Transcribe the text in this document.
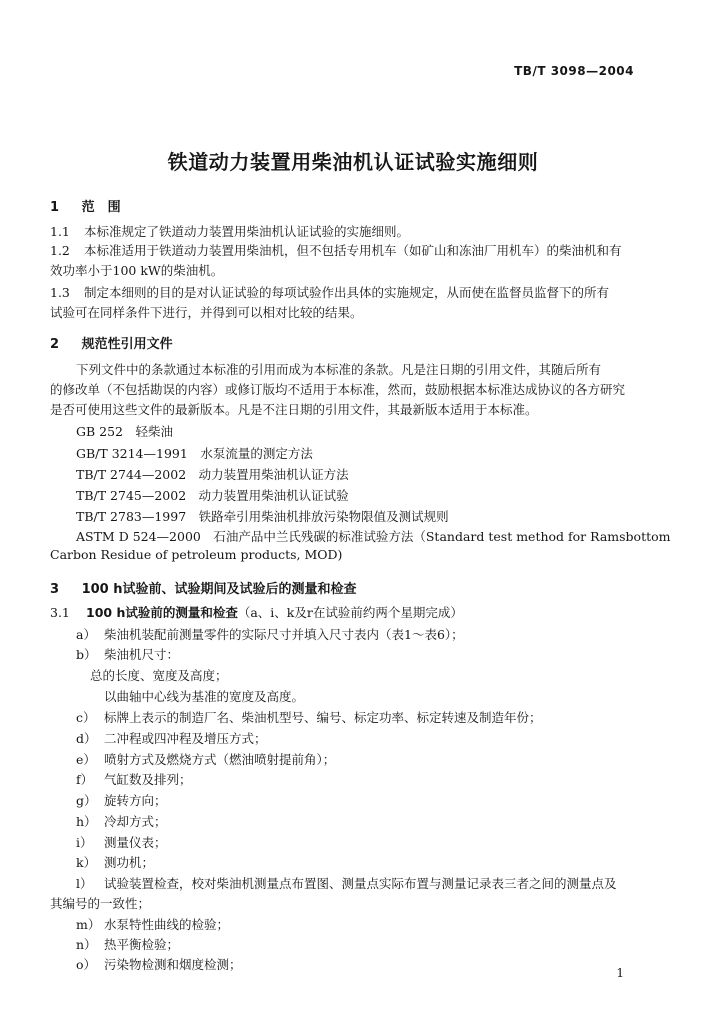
TB/T 3098—2004
铁道动力装置用柴油机认证试验实施细则
1 范　围
1.1 本标准规定了铁道动力装置用柴油机认证试验的实施细则。
1.2 本标准适用于铁道动力装置用柴油机，但不包括专用机车（如矿山和冻油厂用机车）的柴油机和有
效功率小于100 kW的柴油机。
1.3 制定本细则的目的是对认证试验的每项试验作出具体的实施规定，从而使在监督员监督下的所有
试验可在同样条件下进行，并得到可以相对比较的结果。
2 规范性引用文件
下列文件中的条款通过本标准的引用而成为本标准的条款。凡是注日期的引用文件，其随后所有
的修改单（不包括勘误的内容）或修订版均不适用于本标准，然而，鼓励根据本标准达成协议的各方研究
是否可使用这些文件的最新版本。凡是不注日期的引用文件，其最新版本适用于本标准。
GB 252　轻柴油
GB/T 3214—1991　水泵流量的测定方法
TB/T 2744—2002　动力装置用柴油机认证方法
TB/T 2745—2002　动力装置用柴油机认证试验
TB/T 2783—1997　铁路牵引用柴油机排放污染物限值及测试规则
ASTM D 524—2000　石油产品中兰氏残碳的标准试验方法（Standard test method for Ramsbottom
Carbon Residue of petroleum products, MOD)
3 100 h试验前、试验期间及试验后的测量和检查
3.1 100 h试验前的测量和检查（a、i、k及r在试验前约两个星期完成）
a） 柴油机装配前测量零件的实际尺寸并填入尺寸表内（表1～表6）；
b） 柴油机尺寸：
总的长度、宽度及高度；
以曲轴中心线为基准的宽度及高度。
c） 标牌上表示的制造厂名、柴油机型号、编号、标定功率、标定转速及制造年份；
d） 二冲程或四冲程及增压方式；
e） 喷射方式及燃烧方式（燃油喷射提前角）；
f） 气缸数及排列；
g） 旋转方向；
h） 冷却方式；
i） 测量仪表；
k） 测功机；
l） 试验装置检查，校对柴油机测量点布置图、测量点实际布置与测量记录表三者之间的测量点及
其编号的一致性；
m） 水泵特性曲线的检验；
n） 热平衡检验；
o） 污染物检测和烟度检测；
1
